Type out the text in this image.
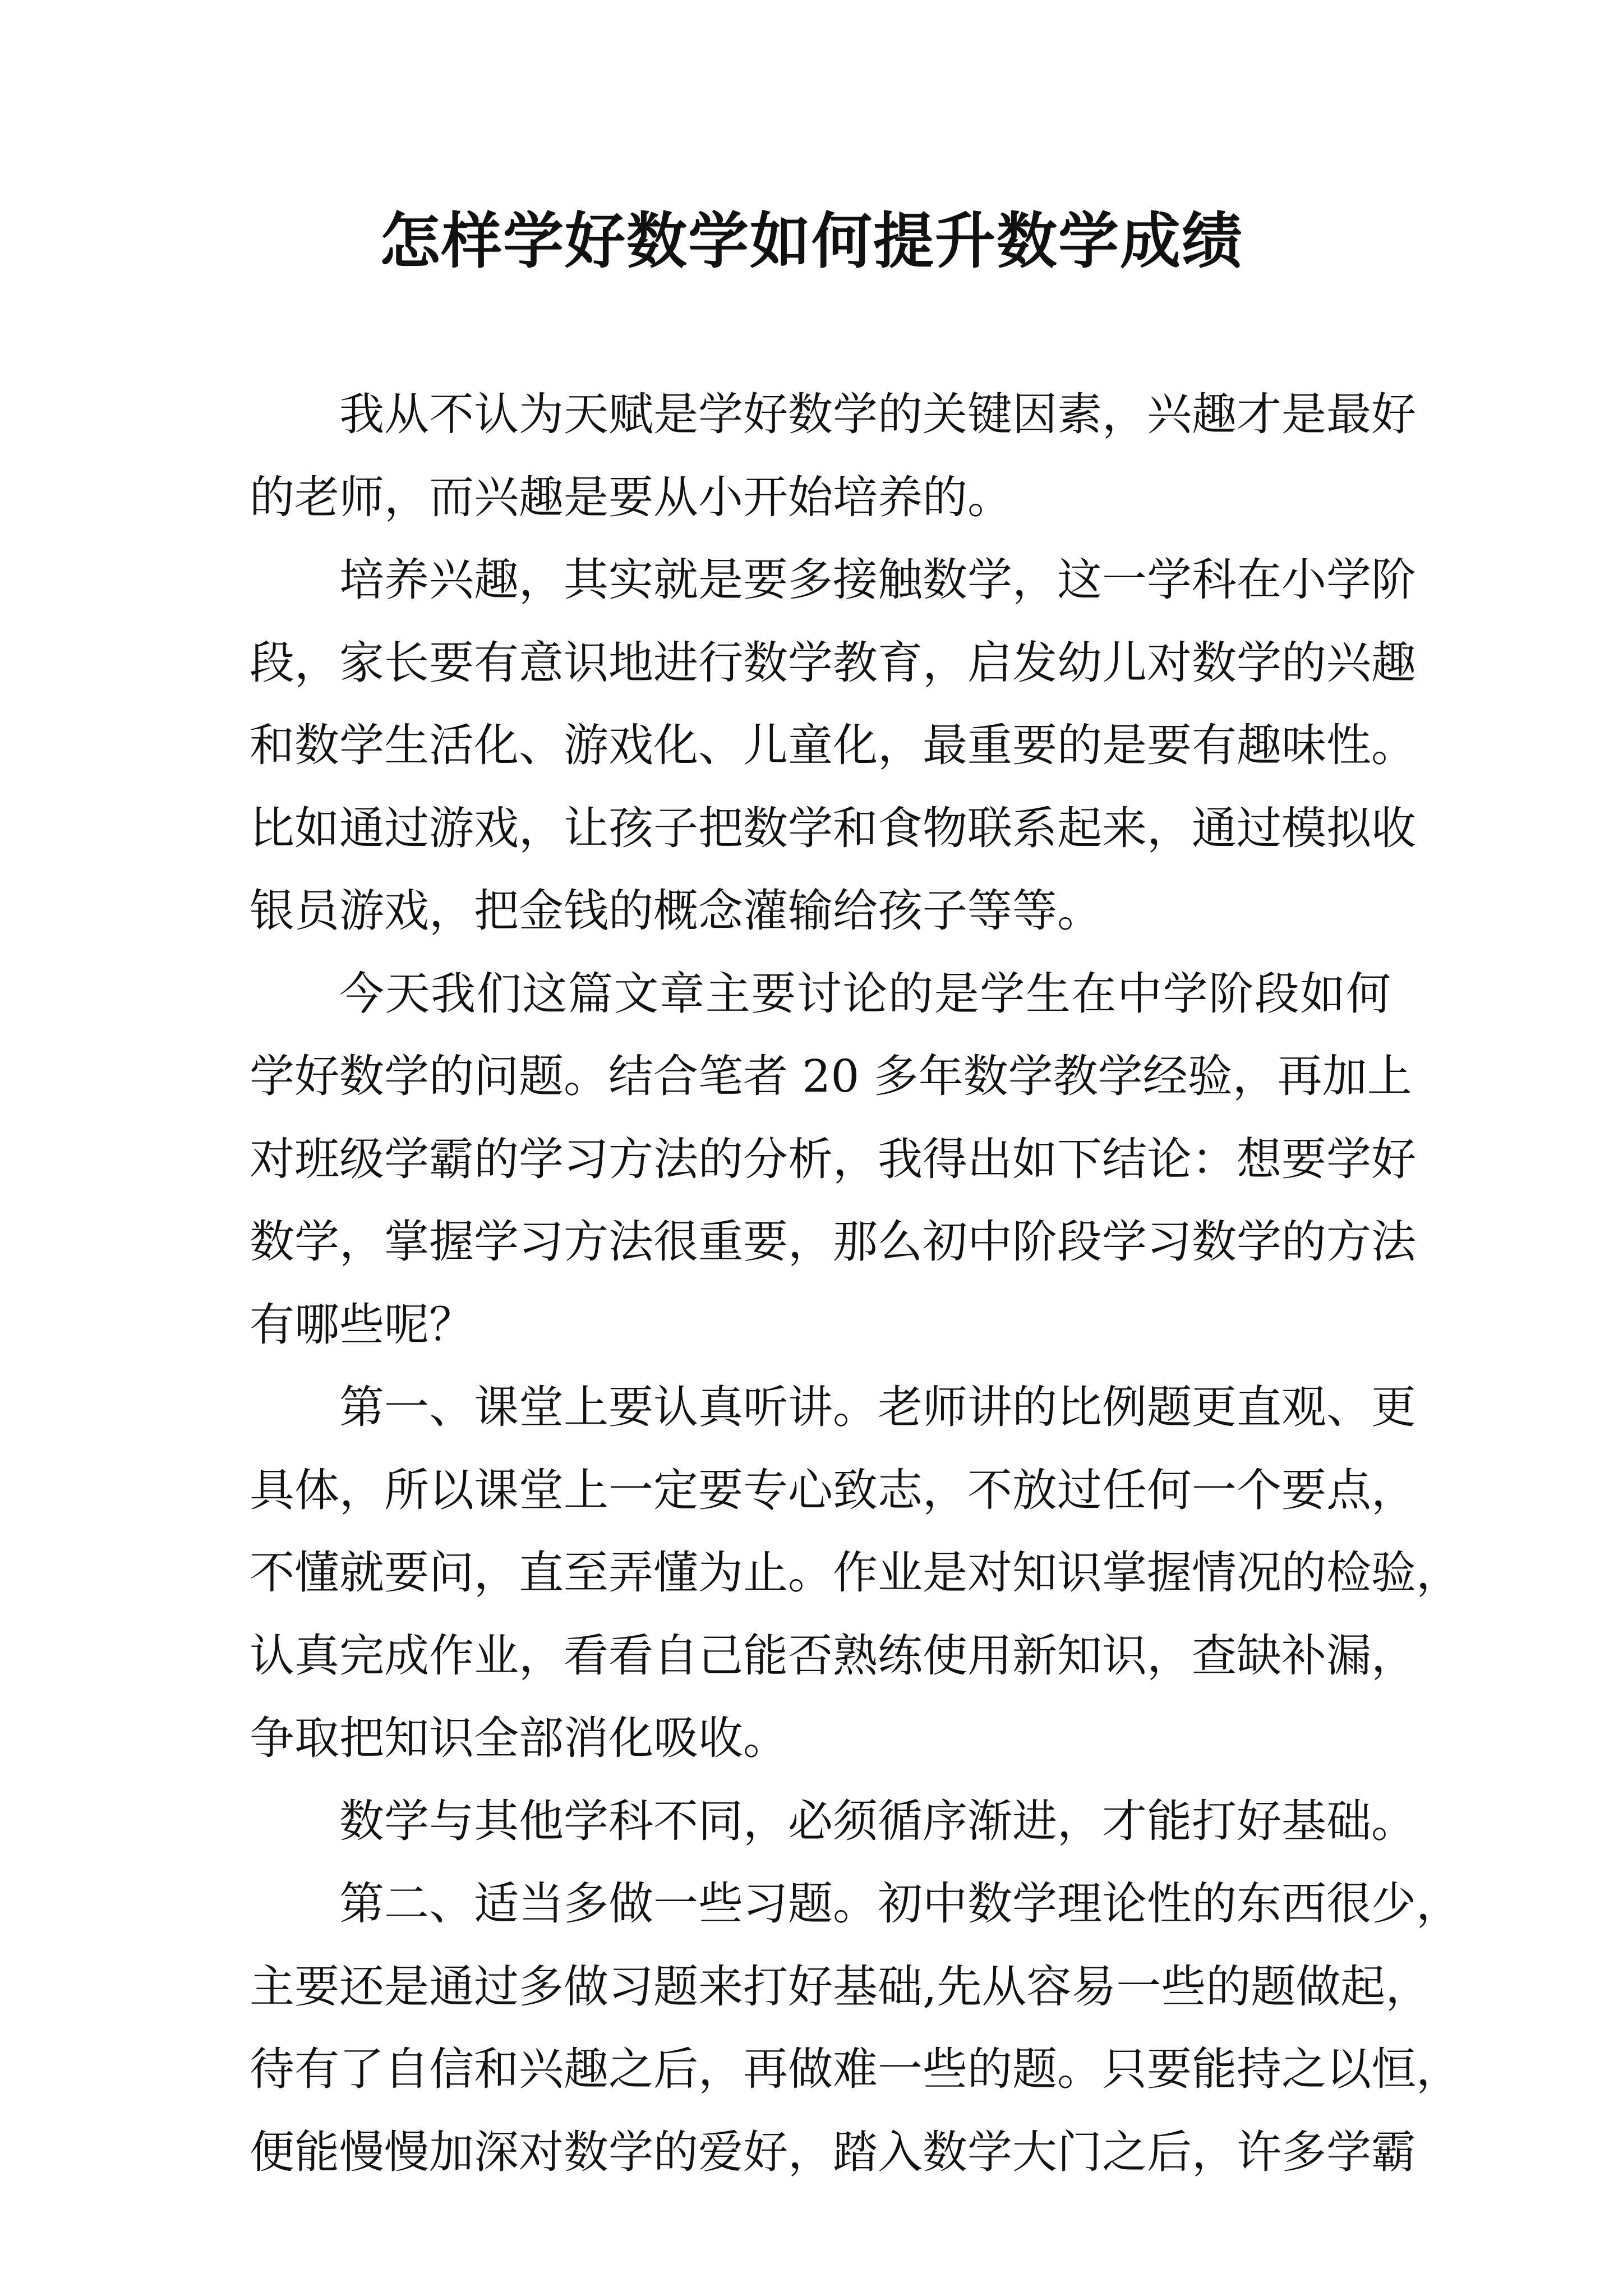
怎样学好数学如何提升数学成绩
我从不认为天赋是学好数学的关键因素，兴趣才是最好
的老师，而兴趣是要从小开始培养的。
培养兴趣，其实就是要多接触数学，这一学科在小学阶
段，家长要有意识地进行数学教育，启发幼儿对数学的兴趣
和数学生活化、游戏化、儿童化，最重要的是要有趣味性。
比如通过游戏，让孩子把数学和食物联系起来，通过模拟收
银员游戏，把金钱的概念灌输给孩子等等。
今天我们这篇文章主要讨论的是学生在中学阶段如何
学好数学的问题。结合笔者 20 多年数学教学经验，再加上
对班级学霸的学习方法的分析，我得出如下结论：想要学好
数学，掌握学习方法很重要，那么初中阶段学习数学的方法
有哪些呢？
第一、课堂上要认真听讲。老师讲的比例题更直观、更
具体，所以课堂上一定要专心致志，不放过任何一个要点，
不懂就要问，直至弄懂为止。作业是对知识掌握情况的检验，
认真完成作业，看看自己能否熟练使用新知识，查缺补漏，
争取把知识全部消化吸收。
数学与其他学科不同，必须循序渐进，才能打好基础。
第二、适当多做一些习题。初中数学理论性的东西很少，
主要还是通过多做习题来打好基础,先从容易一些的题做起，
待有了自信和兴趣之后，再做难一些的题。只要能持之以恒，
便能慢慢加深对数学的爱好，踏入数学大门之后，许多学霸
